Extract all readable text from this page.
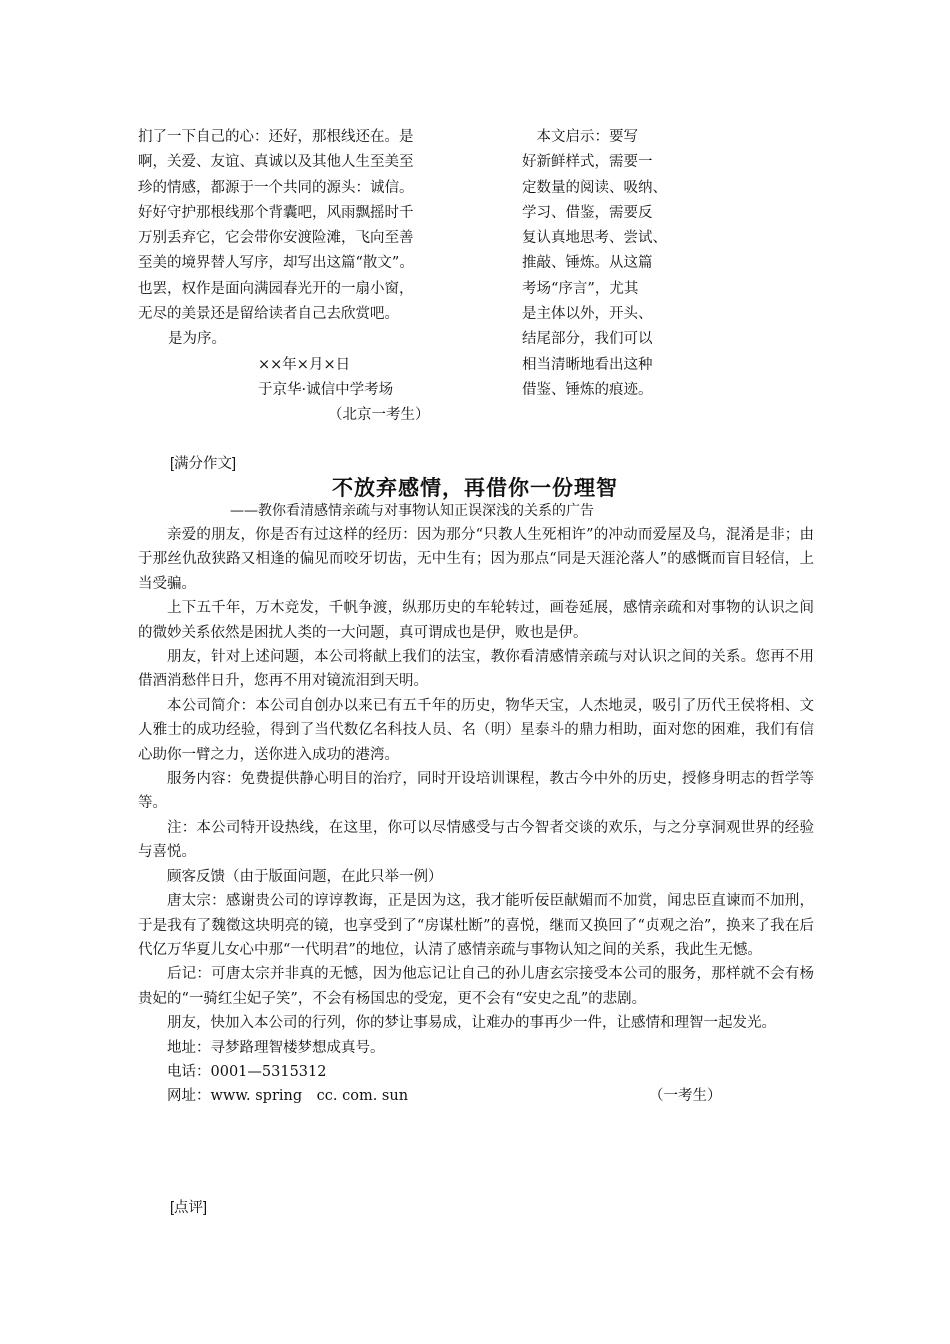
扪了一下自己的心：还好，那根线还在。是
啊，关爱、友谊、真诚以及其他人生至美至
珍的情感，都源于一个共同的源头：诚信。
好好守护那根线那个背囊吧，风雨飘摇时千
万别丢弃它，它会带你安渡险滩，飞向至善
至美的境界替人写序，却写出这篇“散文”。
也罢，权作是面向满园春光开的一扇小窗，
无尽的美景还是留给读者自己去欣赏吧。
是为序。
××年×月×日
于京华·诚信中学考场
（北京一考生）
　本文启示：要写
好新鲜样式，需要一
定数量的阅读、吸纳、
学习、借鉴，需要反
复认真地思考、尝试、
推敲、锤炼。从这篇
考场“序言”，尤其
是主体以外，开头、
结尾部分，我们可以
相当清晰地看出这种
借鉴、锤炼的痕迹。
[满分作文]
不放弃感情，再借你一份理智
——教你看清感情亲疏与对事物认知正误深浅的关系的广告

亲爱的朋友，你是否有过这样的经历：因为那分“只教人生死相许”的冲动而爱屋及乌，混淆是非；由于那丝仇敌狭路又相逢的偏见而咬牙切齿，无中生有；因为那点“同是天涯沦落人”的感慨而盲目轻信，上当受骗。

上下五千年，万木竞发，千帆争渡，纵那历史的车轮转过，画卷延展，感情亲疏和对事物的认识之间的微妙关系依然是困扰人类的一大问题，真可谓成也是伊，败也是伊。

朋友，针对上述问题，本公司将献上我们的法宝，教你看清感情亲疏与对认识之间的关系。您再不用借酒消愁伴日升，您再不用对镜流泪到天明。

本公司简介：本公司自创办以来已有五千年的历史，物华天宝，人杰地灵，吸引了历代王侯将相、文人雅士的成功经验，得到了当代数亿名科技人员、名（明）星泰斗的鼎力相助，面对您的困难，我们有信心助你一臂之力，送你进入成功的港湾。

服务内容：免费提供静心明目的治疗，同时开设培训课程，教古今中外的历史，授修身明志的哲学等等。

注：本公司特开设热线，在这里，你可以尽情感受与古今智者交谈的欢乐，与之分享洞观世界的经验与喜悦。

顾客反馈（由于版面问题，在此只举一例）

唐太宗：感谢贵公司的谆谆教诲，正是因为这，我才能听佞臣献媚而不加赏，闻忠臣直谏而不加刑，于是我有了魏徵这块明亮的镜，也享受到了“房谋杜断”的喜悦，继而又换回了“贞观之治”，换来了我在后代亿万华夏儿女心中那“一代明君”的地位，认清了感情亲疏与事物认知之间的关系，我此生无憾。

后记：可唐太宗并非真的无憾，因为他忘记让自己的孙儿唐玄宗接受本公司的服务，那样就不会有杨贵妃的“一骑红尘妃子笑”，不会有杨国忠的受宠，更不会有“安史之乱”的悲剧。

朋友，快加入本公司的行列，你的梦让事易成，让难办的事再少一件，让感情和理智一起发光。

地址：寻梦路理智楼梦想成真号。
电话：0001—5315312
网址：www. spring　cc. com. sun	（一考生）
[点评]
